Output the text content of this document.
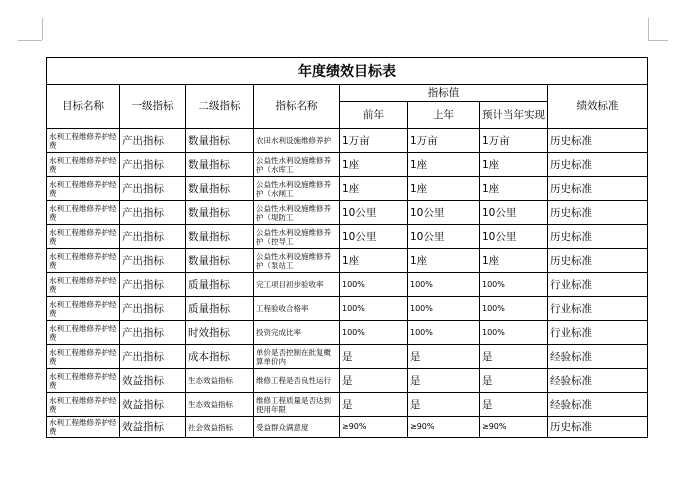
年度绩效目标表							
目标名称	一级指标	二级指标	指标名称	指标值			绩效标准
				前年	上年	预计当年实现	
水利工程维修养护经费	产出指标	数量指标	农田水利设施维修养护	1万亩	1万亩	1万亩	历史标准
水利工程维修养护经费	产出指标	数量指标	公益性水利设施维修养护（水库工	1座	1座	1座	历史标准
水利工程维修养护经费	产出指标	数量指标	公益性水利设施维修养护（水闸工	1座	1座	1座	历史标准
水利工程维修养护经费	产出指标	数量指标	公益性水利设施维修养护（堤防工	10公里	10公里	10公里	历史标准
水利工程维修养护经费	产出指标	数量指标	公益性水利设施维修养护（控导工	10公里	10公里	10公里	历史标准
水利工程维修养护经费	产出指标	数量指标	公益性水利设施维修养护（泵站工	1座	1座	1座	历史标准
水利工程维修养护经费	产出指标	质量指标	完工项目初步验收率	100%	100%	100%	行业标准
水利工程维修养护经费	产出指标	质量指标	工程验收合格率	100%	100%	100%	行业标准
水利工程维修养护经费	产出指标	时效指标	投资完成比率	100%	100%	100%	行业标准
水利工程维修养护经费	产出指标	成本指标	单价是否控制在批复概算单价内	是	是	是	经验标准
水利工程维修养护经费	效益指标	生态效益指标	维修工程是否良性运行	是	是	是	经验标准
水利工程维修养护经费	效益指标	生态效益指标	维修工程质量是否达到使用年限	是	是	是	经验标准
水利工程维修养护经费	效益指标	社会效益指标	受益群众满意度	≥90%	≥90%	≥90%	历史标准
